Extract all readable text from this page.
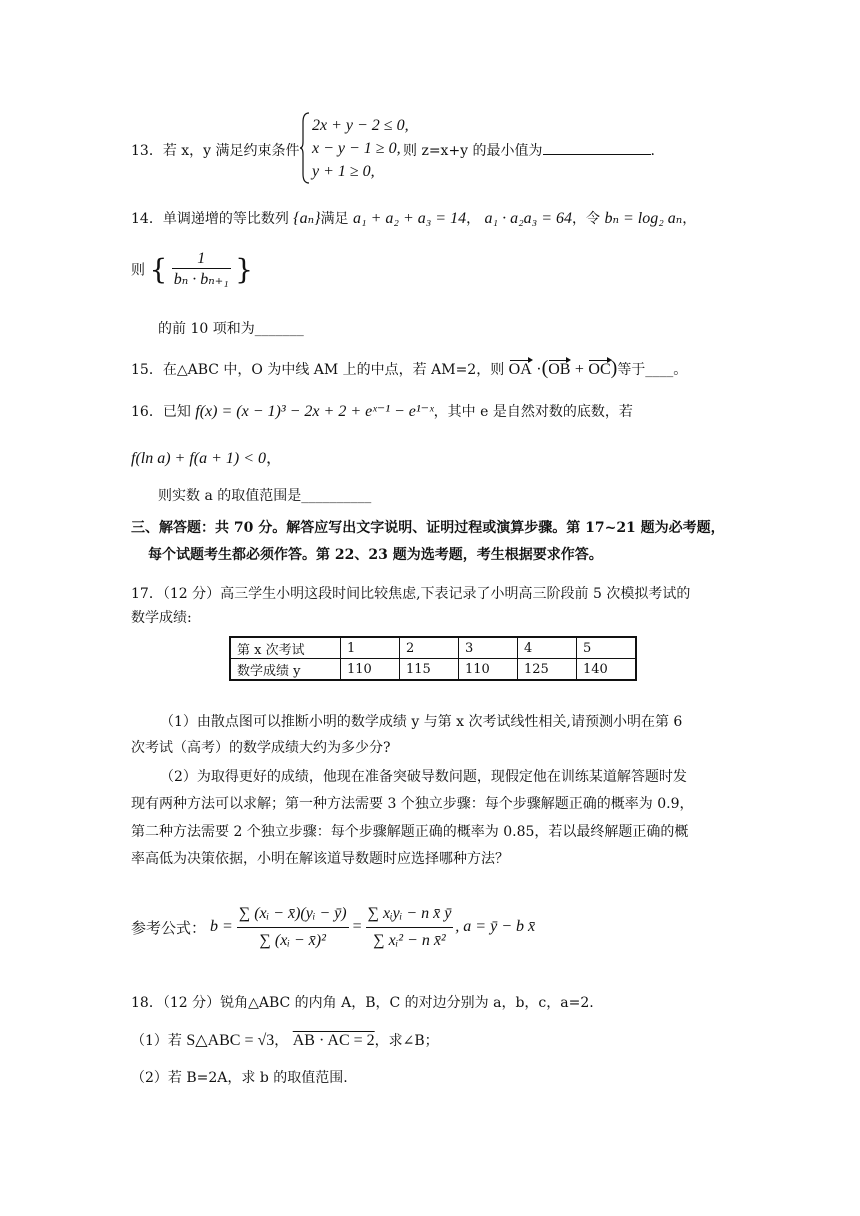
13．若 x，y 满足约束条件
2x + y − 2 ≤ 0,
x − y − 1 ≥ 0,
y + 1 ≥ 0,
则 z=x+y 的最小值为	.
14．单调递增的等比数列 {aₙ}满足 a₁ + a₂ + a₃ = 14， a₁ · a₂a₃ = 64，令 bₙ = log₂ aₙ，
则 { $\frac{1}{\text{bₙ · bₙ₊₁}}$ }
的前 10 项和为_______
15．在△ABC 中，O 为中线 AM 上的中点，若 AM=2，则 OA ·(OB + OC)等于____。
16．已知 f(x) = (x − 1)³ − 2x + 2 + eˣ⁻¹ − e¹⁻ˣ，其中 e 是自然对数的底数，若
f(ln a) + f(a + 1) < 0，
则实数 a 的取值范围是__________
三、解答题：共 70 分。解答应写出文字说明、证明过程或演算步骤。第 17~21 题为必考题，
每个试题考生都必须作答。第 22、23 题为选考题，考生根据要求作答。
17．（12 分）高三学生小明这段时间比较焦虑,下表记录了小明高三阶段前 5 次模拟考试的
数学成绩:
第 x 次考试	1	2	3	4	5
数学成绩 y	110	115	110	125	140
（1）由散点图可以推断小明的数学成绩 y 与第 x 次考试线性相关,请预测小明在第 6
次考试（高考）的数学成绩大约为多少分?
（2）为取得更好的成绩，他现在准备突破导数问题，现假定他在训练某道解答题时发
现有两种方法可以求解；第一种方法需要 3 个独立步骤：每个步骤解题正确的概率为 0.9，
第二种方法需要 2 个独立步骤：每个步骤解题正确的概率为 0.85，若以最终解题正确的概
率高低为决策依据，小明在解该道导数题时应选择哪种方法？
参考公式： $b = \frac{\text{∑ (xᵢ − x̄)(yᵢ − ȳ)}}{\text{∑ (xᵢ − x̄)²}} = \frac{\text{∑ xᵢyᵢ − n x̄ ȳ}}{\text{∑ xᵢ² − n x̄²}}$ , a = ȳ − b x̄
18．（12 分）锐角△ABC 的内角 A，B，C 的对边分别为 a，b，c，a=2.
（1）若 S△ABC = √3， AB · AC = 2，求∠B；
（2）若 B=2A，求 b 的取值范围.
